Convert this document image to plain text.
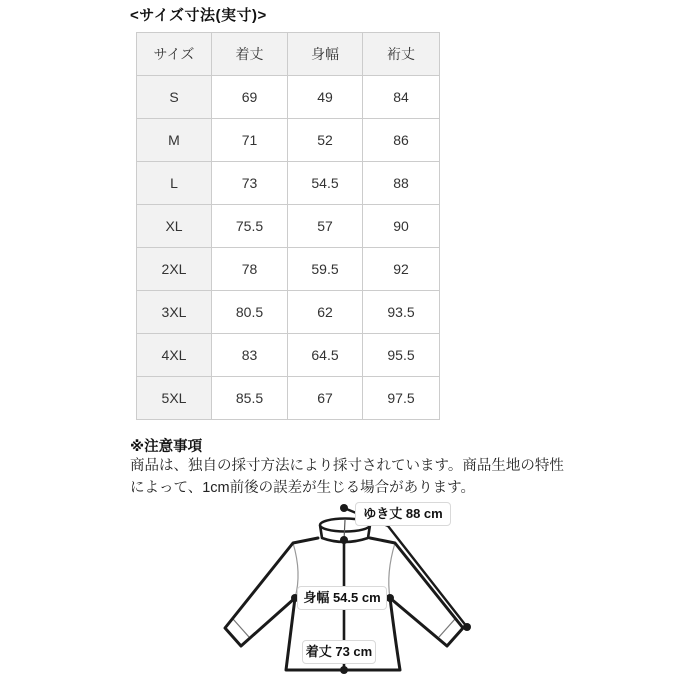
<サイズ寸法(実寸)>
サイズ	着丈	身幅	裄丈
S	69	49	84
M	71	52	86
L	73	54.5	88
XL	75.5	57	90
2XL	78	59.5	92
3XL	80.5	62	93.5
4XL	83	64.5	95.5
5XL	85.5	67	97.5
※注意事項

商品は、独自の採寸方法により採寸されています。商品生地の特性によって、1cm前後の誤差が生じる場合があります。

ゆき丈 88 cm
身幅 54.5 cm
着丈 73 cm
